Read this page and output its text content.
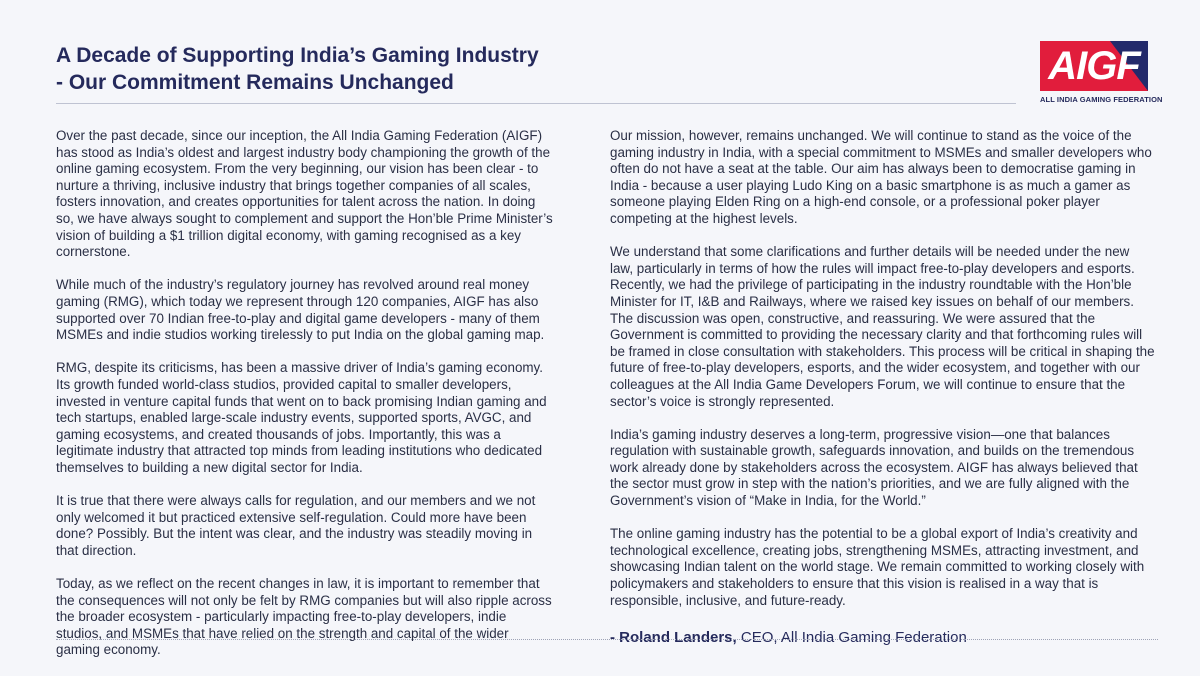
A Decade of Supporting India’s Gaming Industry
- Our Commitment Remains Unchanged	AIGF
ALL INDIA GAMING FEDERATION

Over the past decade, since our inception, the All India Gaming Federation (AIGF) has stood as India’s oldest and largest industry body championing the growth of the online gaming ecosystem. From the very beginning, our vision has been clear - to nurture a thriving, inclusive industry that brings together companies of all scales, fosters innovation, and creates opportunities for talent across the nation. In doing so, we have always sought to complement and support the Hon’ble Prime Minister’s vision of building a $1 trillion digital economy, with gaming recognised as a key cornerstone.

While much of the industry’s regulatory journey has revolved around real money gaming (RMG), which today we represent through 120 companies, AIGF has also supported over 70 Indian free-to-play and digital game developers - many of them MSMEs and indie studios working tirelessly to put India on the global gaming map.

RMG, despite its criticisms, has been a massive driver of India’s gaming economy. Its growth funded world-class studios, provided capital to smaller developers, invested in venture capital funds that went on to back promising Indian gaming and tech startups, enabled large-scale industry events, supported sports, AVGC, and gaming ecosystems, and created thousands of jobs. Importantly, this was a legitimate industry that attracted top minds from leading institutions who dedicated themselves to building a new digital sector for India.

It is true that there were always calls for regulation, and our members and we not only welcomed it but practiced extensive self-regulation. Could more have been done? Possibly. But the intent was clear, and the industry was steadily moving in that direction.

Today, as we reflect on the recent changes in law, it is important to remember that the consequences will not only be felt by RMG companies but will also ripple across the broader ecosystem - particularly impacting free-to-play developers, indie studios, and MSMEs that have relied on the strength and capital of the wider gaming economy.

Our mission, however, remains unchanged. We will continue to stand as the voice of the gaming industry in India, with a special commitment to MSMEs and smaller developers who often do not have a seat at the table. Our aim has always been to democratise gaming in India - because a user playing Ludo King on a basic smartphone is as much a gamer as someone playing Elden Ring on a high-end console, or a professional poker player competing at the highest levels.

We understand that some clarifications and further details will be needed under the new law, particularly in terms of how the rules will impact free-to-play developers and esports. Recently, we had the privilege of participating in the industry roundtable with the Hon’ble Minister for IT, I&B and Railways, where we raised key issues on behalf of our members. The discussion was open, constructive, and reassuring. We were assured that the Government is committed to providing the necessary clarity and that forthcoming rules will be framed in close consultation with stakeholders. This process will be critical in shaping the future of free-to-play developers, esports, and the wider ecosystem, and together with our colleagues at the All India Game Developers Forum, we will continue to ensure that the sector’s voice is strongly represented.

India’s gaming industry deserves a long-term, progressive vision—one that balances regulation with sustainable growth, safeguards innovation, and builds on the tremendous work already done by stakeholders across the ecosystem. AIGF has always believed that the sector must grow in step with the nation’s priorities, and we are fully aligned with the Government’s vision of “Make in India, for the World.”

The online gaming industry has the potential to be a global export of India’s creativity and technological excellence, creating jobs, strengthening MSMEs, attracting investment, and showcasing Indian talent on the world stage. We remain committed to working closely with policymakers and stakeholders to ensure that this vision is realised in a way that is responsible, inclusive, and future-ready.

- Roland Landers, CEO, All India Gaming Federation
